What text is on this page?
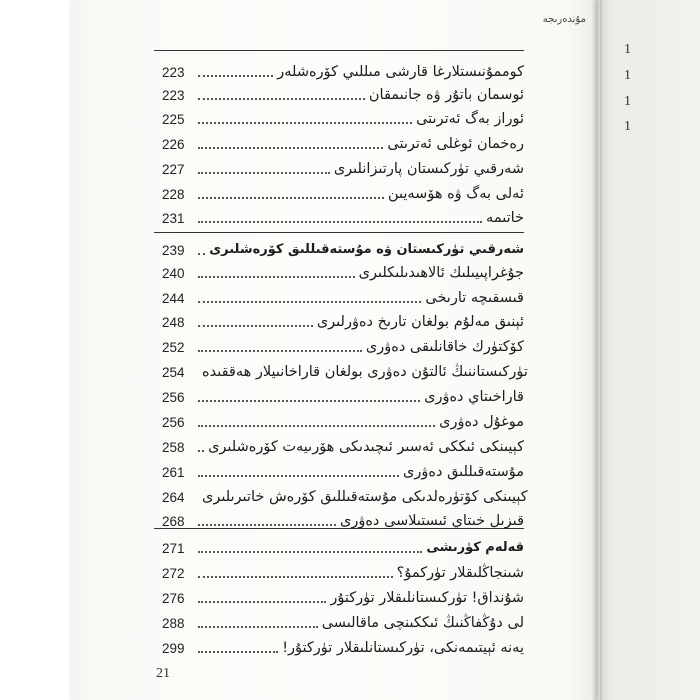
مۇندەرىجە
223	كوممۇنىستلارغا قارشى مىللىي كۆرەشلەر
223	ئوسمان باتۇر ۋە جانىمقان
225	ئوراز بەگ ئەترىتى
226	رەخمان ئوغلى ئەترىتى
227	شەرقىي تۈركىستان پارتىزانلىرى
228	ئەلى بەگ ۋە ھۆسەيىن
231	خاتىمە
239	شەرقىي تۈركىستان ۋە مۇستەقىللىق كۆرەشلىرى
240	جۇغراپىيىلىك ئالاھىدىلىكلىرى
244	قىسقىچە تارىخى
248	ئېنىق مەلۇم بولغان تارىخ دەۋرلىرى
252	كۆكتۈرك خاقانلىقى دەۋرى
254	تۈركىستاننىڭ ئالتۇن دەۋرى بولغان قاراخانىيلار ھەققىدە
256	قاراخىتاي دەۋرى
256	موغۇل دەۋرى
258	كېيىنكى ئىككى ئەسىر ئىچىدىكى ھۆرىيەت كۆرەشلىرى
261	مۇستەقىللىق دەۋرى
264	كېيىنكى كۆتۈرەلدىكى مۇستەقىللىق كۆرەش خاتىرىلىرى
268	قىزىل خىتاي ئىستىلاسى دەۋرى
271	قەلەم كۈرىشى
272	شىنجاڭلىقلار تۈركمۇ؟
276	شۇنداق! تۈركىستانلىقلار تۈركتۇر
288	لى دۇڭفاڭنىڭ ئىككىنچى ماقالىسى
299	يەنە ئېيتىمەنكى، تۈركىستانلىقلار تۈركتۇر!
21
1
1
1
1
